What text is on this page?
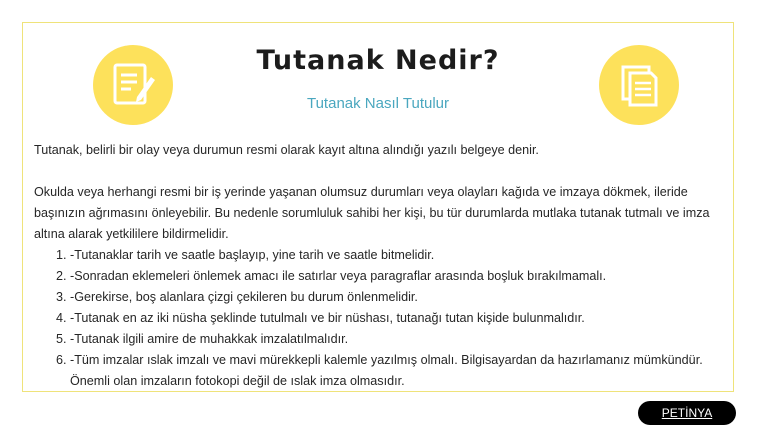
Tutanak Nedir?
Tutanak Nasıl Tutulur

Tutanak, belirli bir olay veya durumun resmi olarak kayıt altına alındığı yazılı belgeye denir.

Okulda veya herhangi resmi bir iş yerinde yaşanan olumsuz durumları veya olayları kağıda ve imzaya dökmek, ileride başınızın ağrımasını önleyebilir. Bu nedenle sorumluluk sahibi her kişi, bu tür durumlarda mutlaka tutanak tutmalı ve imza altına alarak yetkililere bildirmelidir.

1. -Tutanaklar tarih ve saatle başlayıp, yine tarih ve saatle bitmelidir.
2. -Sonradan eklemeleri önlemek amacı ile satırlar veya paragraflar arasında boşluk bırakılmamalı.
3. -Gerekirse, boş alanlara çizgi çekileren bu durum önlenmelidir.
4. -Tutanak en az iki nüsha şeklinde tutulmalı ve bir nüshası, tutanağı tutan kişide bulunmalıdır.
5. -Tutanak ilgili amire de muhakkak imzalatılmalıdır.
6. -Tüm imzalar ıslak imzalı ve mavi mürekkepli kalemle yazılmış olmalı. Bilgisayardan da hazırlamanız mümkündür. Önemli olan imzaların fotokopi değil de ıslak imza olmasıdır.
PETİNYA
